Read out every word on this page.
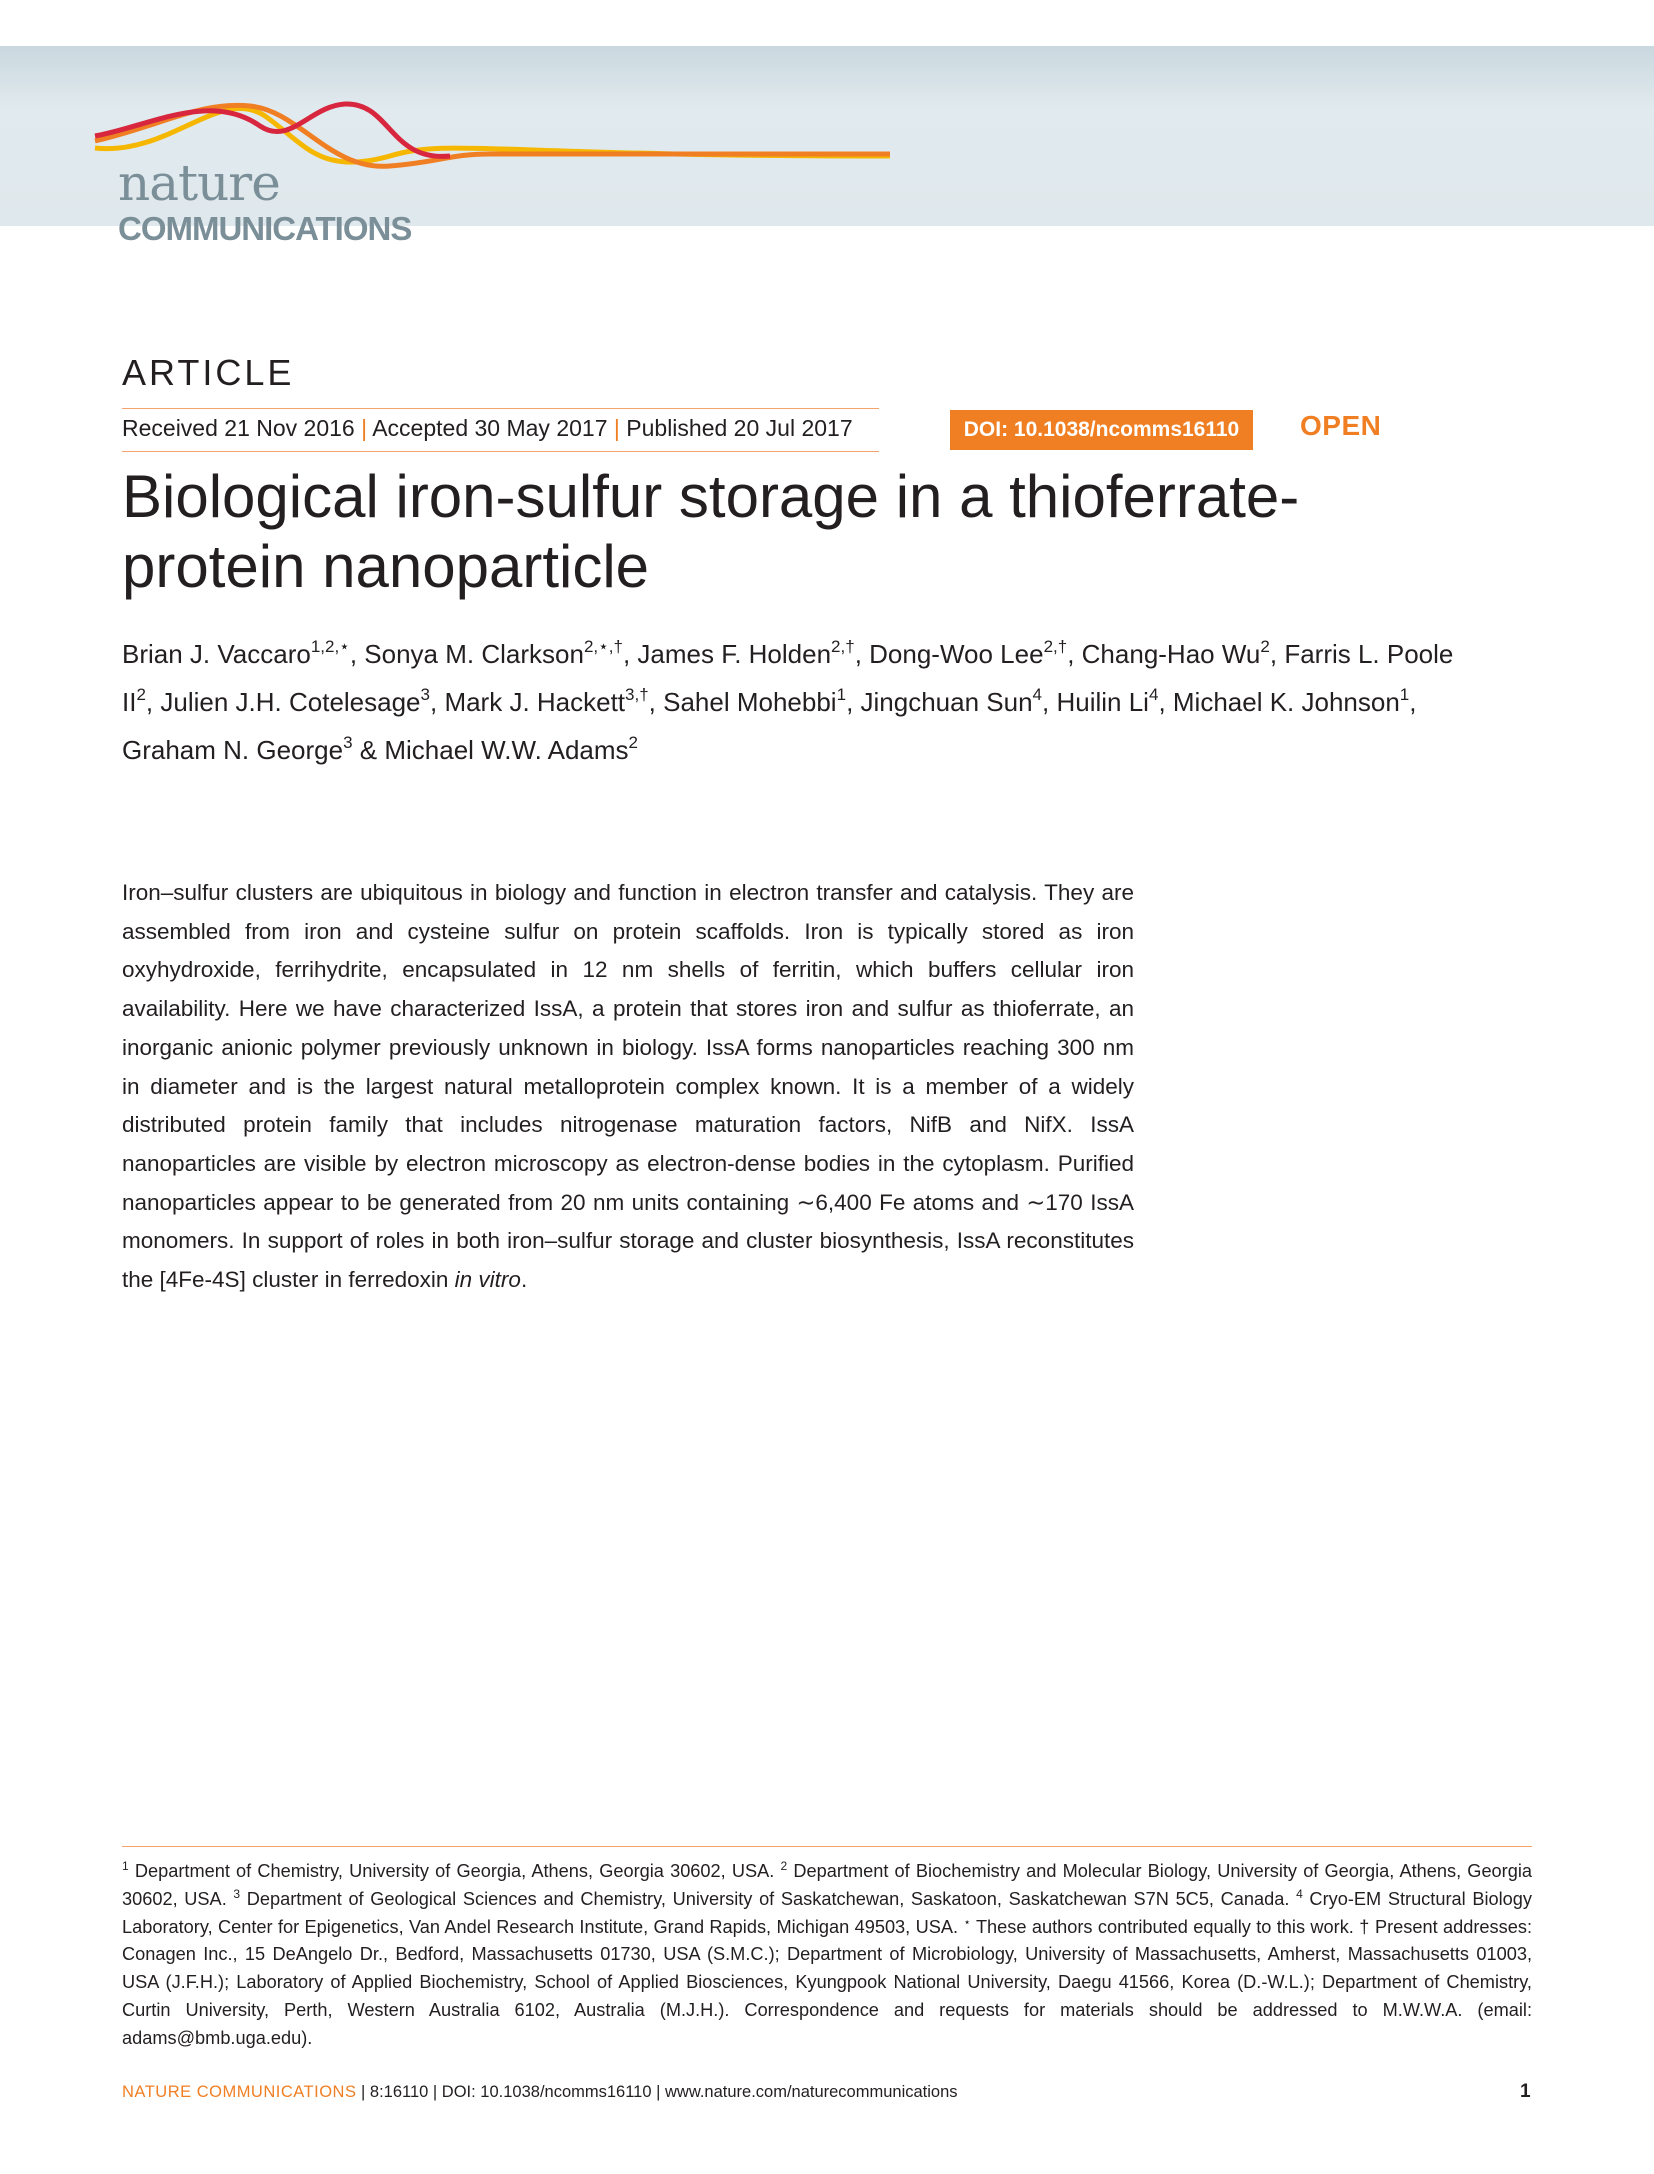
nature
COMMUNICATIONS
ARTICLE
Received 21 Nov 2016 | Accepted 30 May 2017 | Published 20 Jul 2017	DOI: 10.1038/ncomms16110	OPEN
Biological iron-sulfur storage in a thioferrate-protein nanoparticle
Brian J. Vaccaro$^{1,2,⋆}$, Sonya M. Clarkson$^{2,⋆,\dagger}$, James F. Holden$^{2,\dagger}$, Dong-Woo Lee$^{2,\dagger}$, Chang-Hao Wu$^2$, Farris L. Poole $II^2$, Julien J.H. Cotelesage$^3$, Mark J. Hackett$^{3,\dagger}$, Sahel Mohebbi$^1$, Jingchuan Sun$^4$, Huilin Li$^4$, Michael K. Johnson$^1$, Graham N. George$^3$ & Michael W.W. Adams$^2$
Iron–sulfur clusters are ubiquitous in biology and function in electron transfer and catalysis. They are assembled from iron and cysteine sulfur on protein scaffolds. Iron is typically stored as iron oxyhydroxide, ferrihydrite, encapsulated in 12 nm shells of ferritin, which buffers cellular iron availability. Here we have characterized IssA, a protein that stores iron and sulfur as thioferrate, an inorganic anionic polymer previously unknown in biology. IssA forms nanoparticles reaching 300 nm in diameter and is the largest natural metalloprotein complex known. It is a member of a widely distributed protein family that includes nitrogenase maturation factors, NifB and NifX. IssA nanoparticles are visible by electron microscopy as electron-dense bodies in the cytoplasm. Purified nanoparticles appear to be generated from 20 nm units containing ∼6,400 Fe atoms and ∼170 IssA monomers. In support of roles in both iron–sulfur storage and cluster biosynthesis, IssA reconstitutes the [4Fe-4S] cluster in ferredoxin in vitro.
$^1$ Department of Chemistry, University of Georgia, Athens, Georgia 30602, USA. $^2$ Department of Biochemistry and Molecular Biology, University of Georgia, Athens, Georgia 30602, USA. $^3$ Department of Geological Sciences and Chemistry, University of Saskatchewan, Saskatoon, Saskatchewan S7N 5C5, Canada. $^4$ Cryo-EM Structural Biology Laboratory, Center for Epigenetics, Van Andel Research Institute, Grand Rapids, Michigan 49503, USA. ⋆ These authors contributed equally to this work. † Present addresses: Conagen Inc., 15 DeAngelo Dr., Bedford, Massachusetts 01730, USA (S.M.C.); Department of Microbiology, University of Massachusetts, Amherst, Massachusetts 01003, USA (J.F.H.); Laboratory of Applied Biochemistry, School of Applied Biosciences, Kyungpook National University, Daegu 41566, Korea (D.-W.L.); Department of Chemistry, Curtin University, Perth, Western Australia 6102, Australia (M.J.H.). Correspondence and requests for materials should be addressed to M.W.W.A. (email: adams@bmb.uga.edu).
NATURE COMMUNICATIONS | 8:16110 | DOI: 10.1038/ncomms16110 | www.nature.com/naturecommunications	1
